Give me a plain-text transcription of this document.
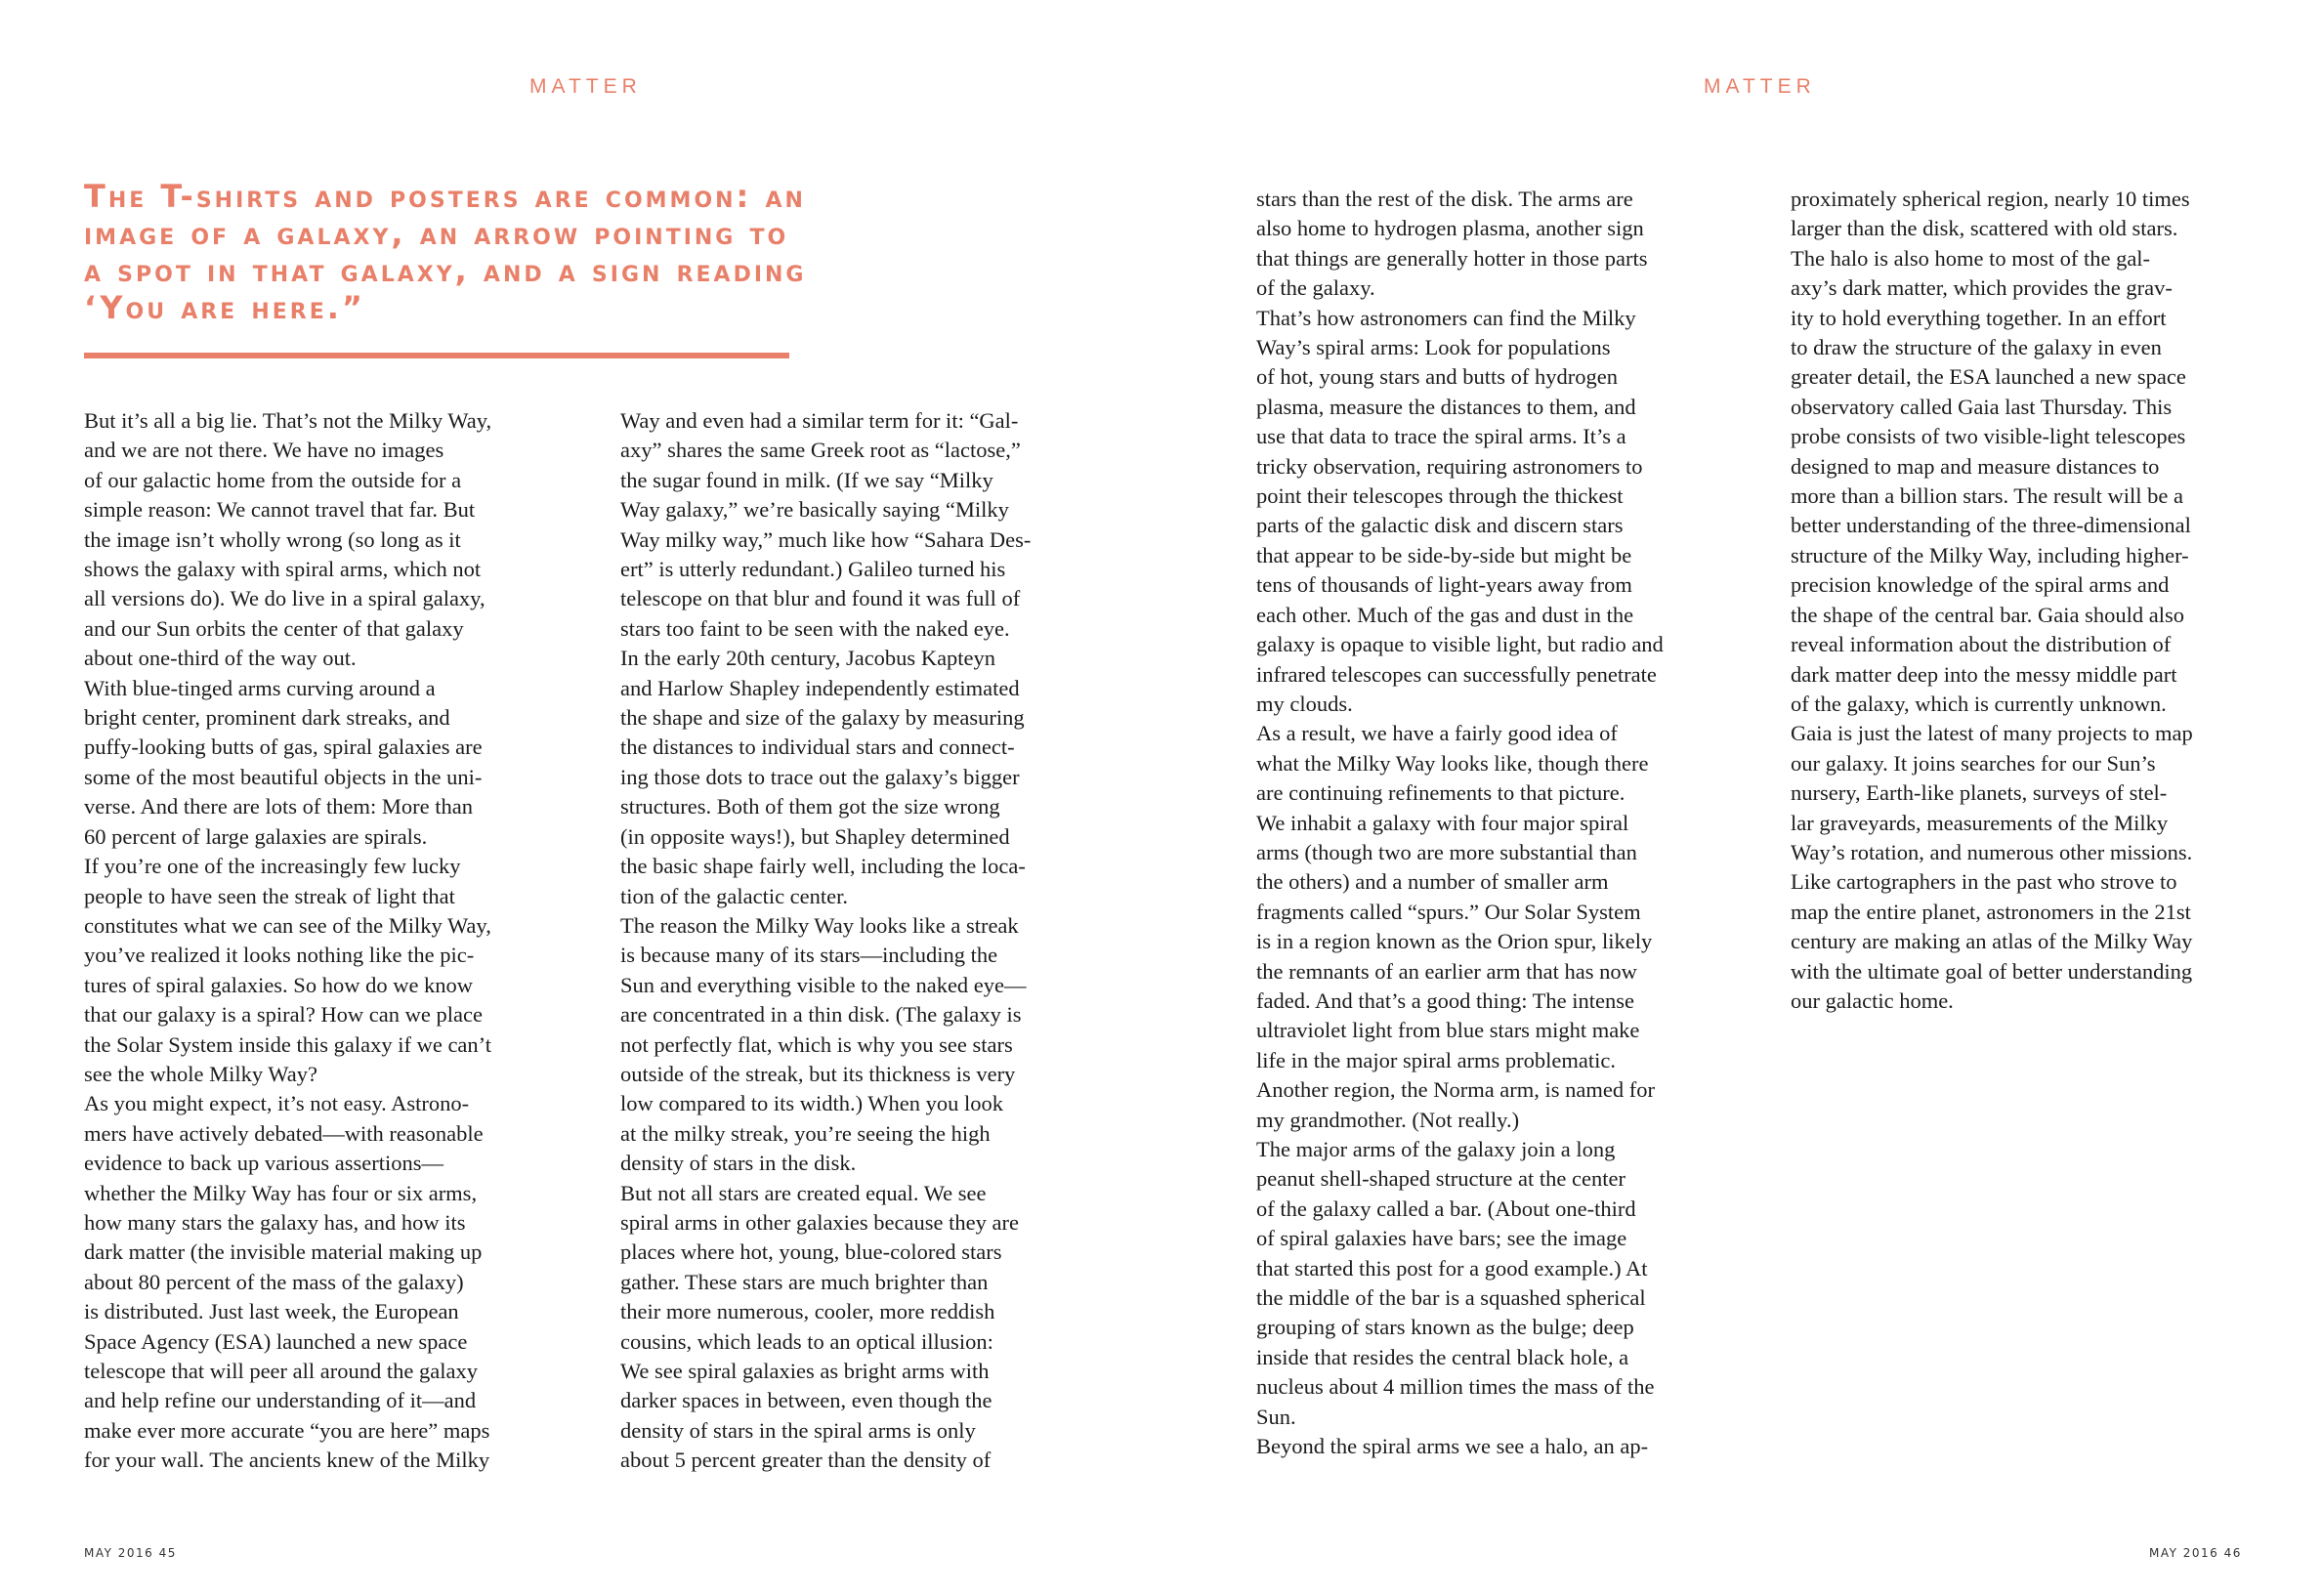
MATTER
The T-shirts and posters are common: an image of a galaxy, an arrow pointing to a spot in that galaxy, and a sign reading ‘You are here.”
But it’s all a big lie. That’s not the Milky Way,
and we are not there. We have no images
of our galactic home from the outside for a
simple reason: We cannot travel that far. But
the image isn’t wholly wrong (so long as it
shows the galaxy with spiral arms, which not
all versions do). We do live in a spiral galaxy,
and our Sun orbits the center of that galaxy
about one-third of the way out.
With blue-tinged arms curving around a
bright center, prominent dark streaks, and
puffy-looking butts of gas, spiral galaxies are
some of the most beautiful objects in the uni-
verse. And there are lots of them: More than
60 percent of large galaxies are spirals.
If you’re one of the increasingly few lucky
people to have seen the streak of light that
constitutes what we can see of the Milky Way,
you’ve realized it looks nothing like the pic-
tures of spiral galaxies. So how do we know
that our galaxy is a spiral? How can we place
the Solar System inside this galaxy if we can’t
see the whole Milky Way?
As you might expect, it’s not easy. Astrono-
mers have actively debated—with reasonable
evidence to back up various assertions—
whether the Milky Way has four or six arms,
how many stars the galaxy has, and how its
dark matter (the invisible material making up
about 80 percent of the mass of the galaxy)
is distributed. Just last week, the European
Space Agency (ESA) launched a new space
telescope that will peer all around the galaxy
and help refine our understanding of it—and
make ever more accurate “you are here” maps
for your wall. The ancients knew of the Milky
Way and even had a similar term for it: “Gal-
axy” shares the same Greek root as “lactose,”
the sugar found in milk. (If we say “Milky
Way galaxy,” we’re basically saying “Milky
Way milky way,” much like how “Sahara Des-
ert” is utterly redundant.) Galileo turned his
telescope on that blur and found it was full of
stars too faint to be seen with the naked eye.
In the early 20th century, Jacobus Kapteyn
and Harlow Shapley independently estimated
the shape and size of the galaxy by measuring
the distances to individual stars and connect-
ing those dots to trace out the galaxy’s bigger
structures. Both of them got the size wrong
(in opposite ways!), but Shapley determined
the basic shape fairly well, including the loca-
tion of the galactic center.
The reason the Milky Way looks like a streak
is because many of its stars—including the
Sun and everything visible to the naked eye—
are concentrated in a thin disk. (The galaxy is
not perfectly flat, which is why you see stars
outside of the streak, but its thickness is very
low compared to its width.) When you look
at the milky streak, you’re seeing the high
density of stars in the disk.
But not all stars are created equal. We see
spiral arms in other galaxies because they are
places where hot, young, blue-colored stars
gather. These stars are much brighter than
their more numerous, cooler, more reddish
cousins, which leads to an optical illusion:
We see spiral galaxies as bright arms with
darker spaces in between, even though the
density of stars in the spiral arms is only
about 5 percent greater than the density of
MAY 2016 45
MATTER
stars than the rest of the disk. The arms are
also home to hydrogen plasma, another sign
that things are generally hotter in those parts
of the galaxy.
That’s how astronomers can find the Milky
Way’s spiral arms: Look for populations
of hot, young stars and butts of hydrogen
plasma, measure the distances to them, and
use that data to trace the spiral arms. It’s a
tricky observation, requiring astronomers to
point their telescopes through the thickest
parts of the galactic disk and discern stars
that appear to be side-by-side but might be
tens of thousands of light-years away from
each other. Much of the gas and dust in the
galaxy is opaque to visible light, but radio and
infrared telescopes can successfully penetrate
my clouds.
As a result, we have a fairly good idea of
what the Milky Way looks like, though there
are continuing refinements to that picture.
We inhabit a galaxy with four major spiral
arms (though two are more substantial than
the others) and a number of smaller arm
fragments called “spurs.” Our Solar System
is in a region known as the Orion spur, likely
the remnants of an earlier arm that has now
faded. And that’s a good thing: The intense
ultraviolet light from blue stars might make
life in the major spiral arms problematic.
Another region, the Norma arm, is named for
my grandmother. (Not really.)
The major arms of the galaxy join a long
peanut shell-shaped structure at the center
of the galaxy called a bar. (About one-third
of spiral galaxies have bars; see the image
that started this post for a good example.) At
the middle of the bar is a squashed spherical
grouping of stars known as the bulge; deep
inside that resides the central black hole, a
nucleus about 4 million times the mass of the
Sun.
Beyond the spiral arms we see a halo, an ap-
proximately spherical region, nearly 10 times
larger than the disk, scattered with old stars.
The halo is also home to most of the gal-
axy’s dark matter, which provides the grav-
ity to hold everything together. In an effort
to draw the structure of the galaxy in even
greater detail, the ESA launched a new space
observatory called Gaia last Thursday. This
probe consists of two visible-light telescopes
designed to map and measure distances to
more than a billion stars. The result will be a
better understanding of the three-dimensional
structure of the Milky Way, including higher-
precision knowledge of the spiral arms and
the shape of the central bar. Gaia should also
reveal information about the distribution of
dark matter deep into the messy middle part
of the galaxy, which is currently unknown.
Gaia is just the latest of many projects to map
our galaxy. It joins searches for our Sun’s
nursery, Earth-like planets, surveys of stel-
lar graveyards, measurements of the Milky
Way’s rotation, and numerous other missions.
Like cartographers in the past who strove to
map the entire planet, astronomers in the 21st
century are making an atlas of the Milky Way
with the ultimate goal of better understanding
our galactic home.
MAY 2016 46
